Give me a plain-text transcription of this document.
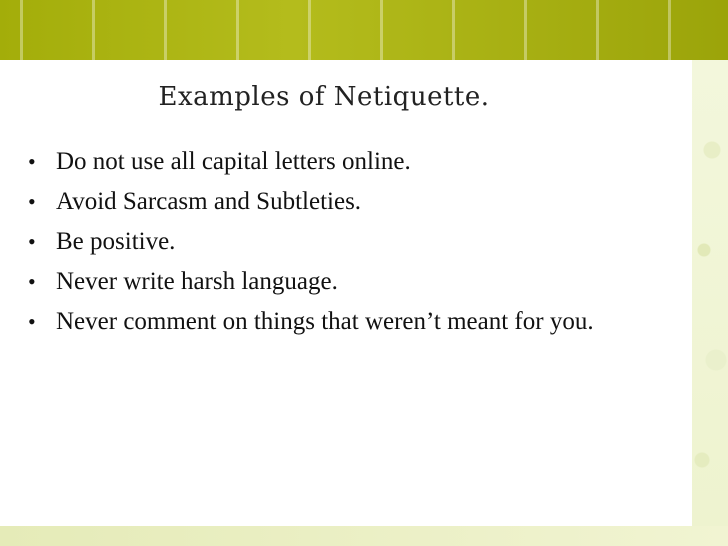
Examples of Netiquette.
• Do not use all capital letters online.
• Avoid Sarcasm and Subtleties.
• Be positive.
• Never write harsh language.
• Never comment on things that weren’t meant for you.
